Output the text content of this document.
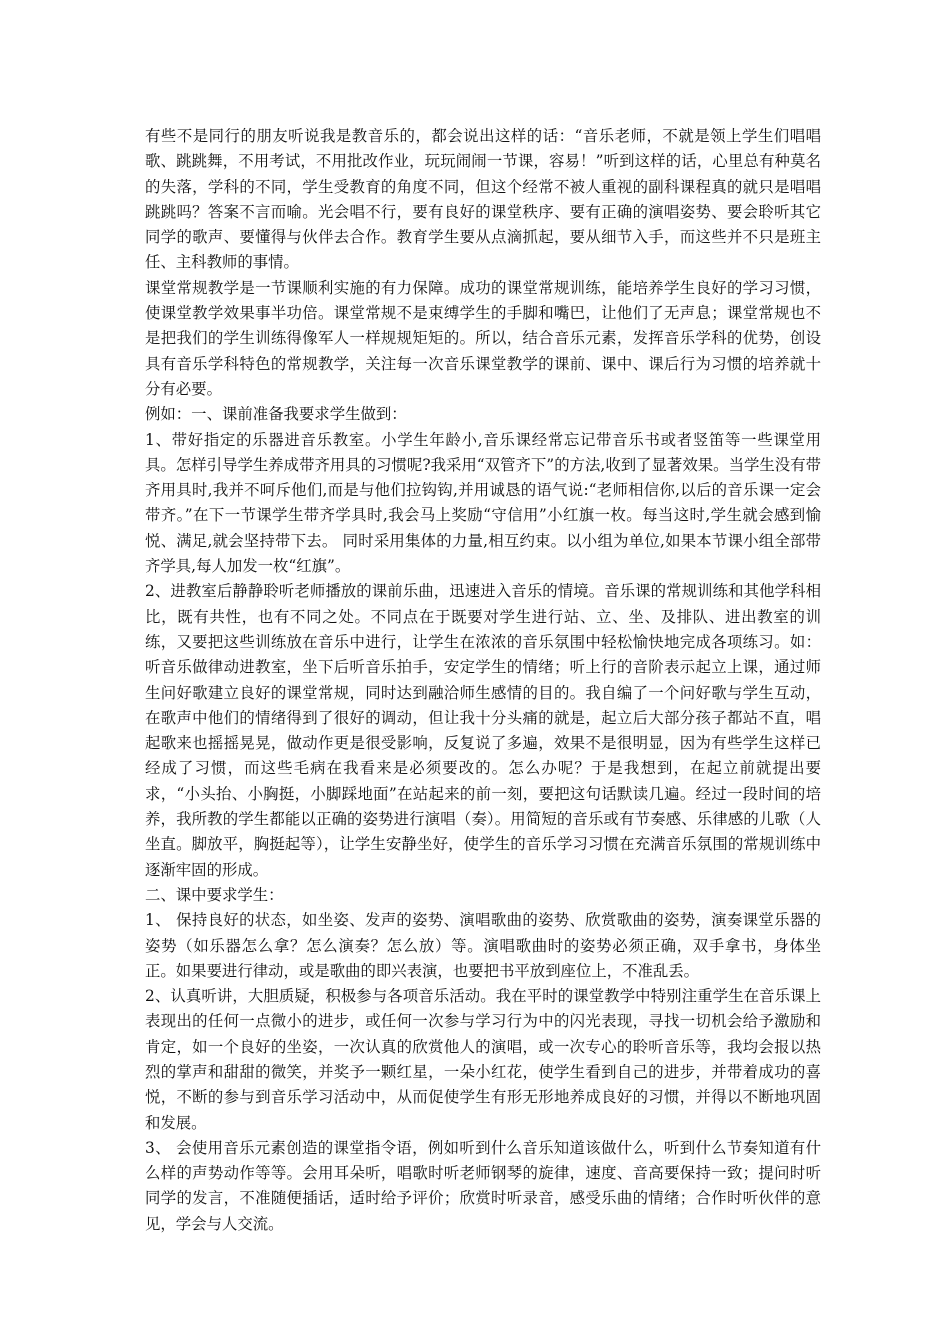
有些不是同行的朋友听说我是教音乐的，都会说出这样的话：“音乐老师，不就是领上学生们唱唱歌、跳跳舞，不用考试，不用批改作业，玩玩闹闹一节课，容易！”听到这样的话，心里总有种莫名的失落，学科的不同，学生受教育的角度不同，但这个经常不被人重视的副科课程真的就只是唱唱跳跳吗？答案不言而喻。光会唱不行，要有良好的课堂秩序、要有正确的演唱姿势、要会聆听其它同学的歌声、要懂得与伙伴去合作。教育学生要从点滴抓起，要从细节入手，而这些并不只是班主任、主科教师的事情。

课堂常规教学是一节课顺利实施的有力保障。成功的课堂常规训练，能培养学生良好的学习习惯，使课堂教学效果事半功倍。课堂常规不是束缚学生的手脚和嘴巴，让他们了无声息；课堂常规也不是把我们的学生训练得像军人一样规规矩矩的。所以，结合音乐元素，发挥音乐学科的优势，创设具有音乐学科特色的常规教学，关注每一次音乐课堂教学的课前、课中、课后行为习惯的培养就十分有必要。

例如：一、课前准备我要求学生做到：

1、带好指定的乐器进音乐教室。小学生年龄小,音乐课经常忘记带音乐书或者竖笛等一些课堂用具。怎样引导学生养成带齐用具的习惯呢?我采用“双管齐下”的方法,收到了显著效果。当学生没有带齐用具时,我并不呵斥他们,而是与他们拉钩钩,并用诚恳的语气说:“老师相信你,以后的音乐课一定会带齐。”在下一节课学生带齐学具时,我会马上奖励“守信用”小红旗一枚。每当这时,学生就会感到愉悦、满足,就会坚持带下去。 同时采用集体的力量,相互约束。以小组为单位,如果本节课小组全部带齐学具,每人加发一枚“红旗”。

2、进教室后静静聆听老师播放的课前乐曲，迅速进入音乐的情境。音乐课的常规训练和其他学科相比，既有共性，也有不同之处。不同点在于既要对学生进行站、立、坐、及排队、进出教室的训练，又要把这些训练放在音乐中进行，让学生在浓浓的音乐氛围中轻松愉快地完成各项练习。如：听音乐做律动进教室，坐下后听音乐拍手，安定学生的情绪；听上行的音阶表示起立上课，通过师生问好歌建立良好的课堂常规，同时达到融洽师生感情的目的。我自编了一个问好歌与学生互动，在歌声中他们的情绪得到了很好的调动，但让我十分头痛的就是，起立后大部分孩子都站不直，唱起歌来也摇摇晃晃，做动作更是很受影响，反复说了多遍，效果不是很明显，因为有些学生这样已经成了习惯，而这些毛病在我看来是必须要改的。怎么办呢？于是我想到，在起立前就提出要求，“小头抬、小胸挺，小脚踩地面”在站起来的前一刻，要把这句话默读几遍。经过一段时间的培养，我所教的学生都能以正确的姿势进行演唱（奏）。用简短的音乐或有节奏感、乐律感的儿歌（人坐直。脚放平，胸挺起等），让学生安静坐好，使学生的音乐学习习惯在充满音乐氛围的常规训练中逐渐牢固的形成。

二、课中要求学生：

1、 保持良好的状态，如坐姿、发声的姿势、演唱歌曲的姿势、欣赏歌曲的姿势，演奏课堂乐器的姿势（如乐器怎么拿？怎么演奏？怎么放）等。演唱歌曲时的姿势必须正确，双手拿书，身体坐正。如果要进行律动，或是歌曲的即兴表演，也要把书平放到座位上，不准乱丢。

2、认真听讲，大胆质疑，积极参与各项音乐活动。我在平时的课堂教学中特别注重学生在音乐课上表现出的任何一点微小的进步，或任何一次参与学习行为中的闪光表现，寻找一切机会给予激励和肯定，如一个良好的坐姿，一次认真的欣赏他人的演唱，或一次专心的聆听音乐等，我均会报以热烈的掌声和甜甜的微笑，并奖予一颗红星，一朵小红花，使学生看到自己的进步，并带着成功的喜悦，不断的参与到音乐学习活动中，从而促使学生有形无形地养成良好的习惯，并得以不断地巩固和发展。

3、 会使用音乐元素创造的课堂指令语，例如听到什么音乐知道该做什么，听到什么节奏知道有什么样的声势动作等等。会用耳朵听，唱歌时听老师钢琴的旋律，速度、音高要保持一致；提问时听同学的发言，不准随便插话，适时给予评价；欣赏时听录音，感受乐曲的情绪；合作时听伙伴的意见，学会与人交流。
